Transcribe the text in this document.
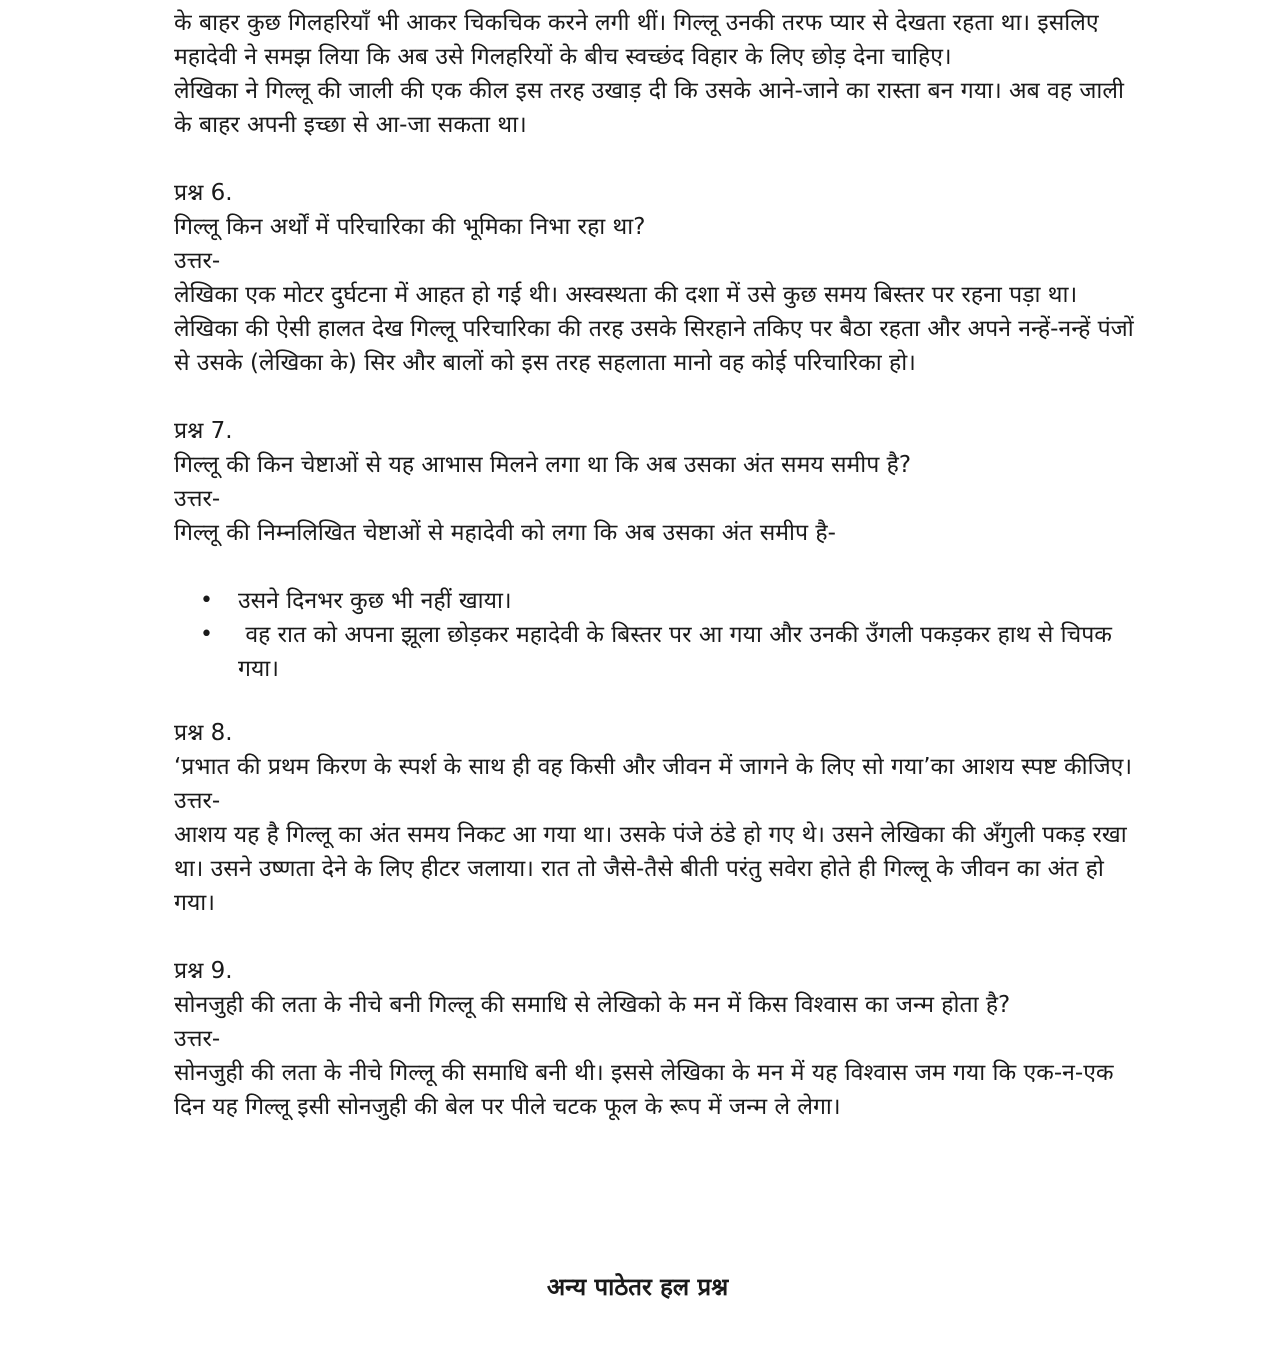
के बाहर कुछ गिलहरियाँ भी आकर चिकचिक करने लगी थीं। गिल्लू उनकी तरफ प्यार से देखता रहता था। इसलिए महादेवी ने समझ लिया कि अब उसे गिलहरियों के बीच स्वच्छंद विहार के लिए छोड़ देना चाहिए।

लेखिका ने गिल्लू की जाली की एक कील इस तरह उखाड़ दी कि उसके आने-जाने का रास्ता बन गया। अब वह जाली के बाहर अपनी इच्छा से आ-जा सकता था।

प्रश्न 6.

गिल्लू किन अर्थों में परिचारिका की भूमिका निभा रहा था?

उत्तर-

लेखिका एक मोटर दुर्घटना में आहत हो गई थी। अस्वस्थता की दशा में उसे कुछ समय बिस्तर पर रहना पड़ा था। लेखिका की ऐसी हालत देख गिल्लू परिचारिका की तरह उसके सिरहाने तकिए पर बैठा रहता और अपने नन्हें-नन्हें पंजों से उसके (लेखिका के) सिर और बालों को इस तरह सहलाता मानो वह कोई परिचारिका हो।

प्रश्न 7.

गिल्लू की किन चेष्टाओं से यह आभास मिलने लगा था कि अब उसका अंत समय समीप है?

उत्तर-

गिल्लू की निम्नलिखित चेष्टाओं से महादेवी को लगा कि अब उसका अंत समीप है-

• उसने दिनभर कुछ भी नहीं खाया।
• वह रात को अपना झूला छोड़कर महादेवी के बिस्तर पर आ गया और उनकी उँगली पकड़कर हाथ से चिपक गया।

प्रश्न 8.

‘प्रभात की प्रथम किरण के स्पर्श के साथ ही वह किसी और जीवन में जागने के लिए सो गया’का आशय स्पष्ट कीजिए।

उत्तर-

आशय यह है गिल्लू का अंत समय निकट आ गया था। उसके पंजे ठंडे हो गए थे। उसने लेखिका की अँगुली पकड़ रखा था। उसने उष्णता देने के लिए हीटर जलाया। रात तो जैसे-तैसे बीती परंतु सवेरा होते ही गिल्लू के जीवन का अंत हो गया।

प्रश्न 9.

सोनजुही की लता के नीचे बनी गिल्लू की समाधि से लेखिको के मन में किस विश्वास का जन्म होता है?

उत्तर-

सोनजुही की लता के नीचे गिल्लू की समाधि बनी थी। इससे लेखिका के मन में यह विश्वास जम गया कि एक-न-एक दिन यह गिल्लू इसी सोनजुही की बेल पर पीले चटक फूल के रूप में जन्म ले लेगा।

अन्य पाठेतर हल प्रश्न
